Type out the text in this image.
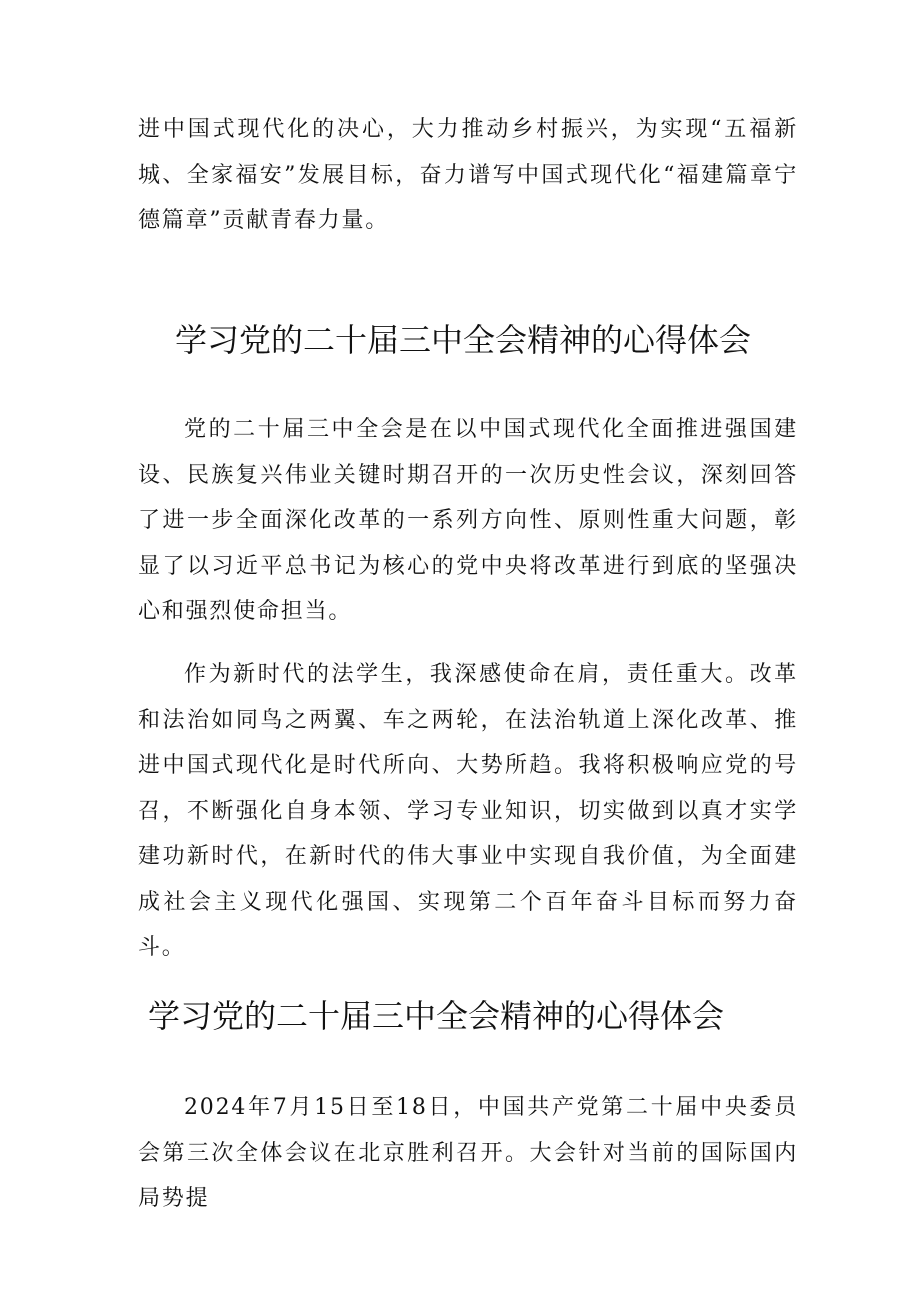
进中国式现代化的决心，大力推动乡村振兴，为实现“五福新城、全家福安”发展目标，奋力谱写中国式现代化“福建篇章宁德篇章”贡献青春力量。

学习党的二十届三中全会精神的心得体会

党的二十届三中全会是在以中国式现代化全面推进强国建设、民族复兴伟业关键时期召开的一次历史性会议，深刻回答了进一步全面深化改革的一系列方向性、原则性重大问题，彰显了以习近平总书记为核心的党中央将改革进行到底的坚强决心和强烈使命担当。

作为新时代的法学生，我深感使命在肩，责任重大。改革和法治如同鸟之两翼、车之两轮，在法治轨道上深化改革、推进中国式现代化是时代所向、大势所趋。我将积极响应党的号召，不断强化自身本领、学习专业知识，切实做到以真才实学建功新时代，在新时代的伟大事业中实现自我价值，为全面建成社会主义现代化强国、实现第二个百年奋斗目标而努力奋斗。

学习党的二十届三中全会精神的心得体会

2024年7月15日至18日，中国共产党第二十届中央委员会第三次全体会议在北京胜利召开。大会针对当前的国际国内局势提
